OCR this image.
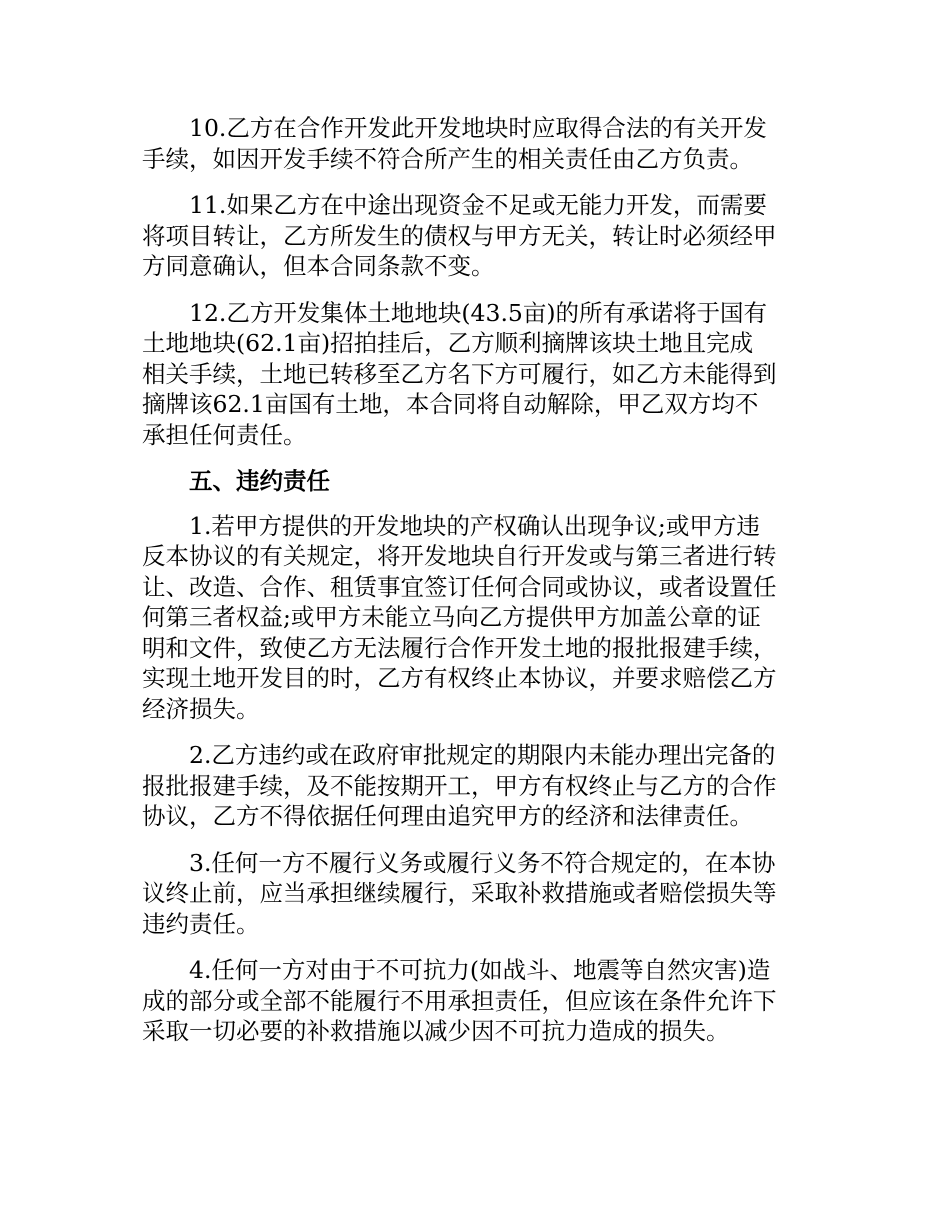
10.乙方在合作开发此开发地块时应取得合法的有关开发
手续，如因开发手续不符合所产生的相关责任由乙方负责。
11.如果乙方在中途出现资金不足或无能力开发，而需要
将项目转让，乙方所发生的债权与甲方无关，转让时必须经甲
方同意确认，但本合同条款不变。
12.乙方开发集体土地地块(43.5亩)的所有承诺将于国有
土地地块(62.1亩)招拍挂后，乙方顺利摘牌该块土地且完成
相关手续，土地已转移至乙方名下方可履行，如乙方未能得到
摘牌该62.1亩国有土地，本合同将自动解除，甲乙双方均不
承担任何责任。
五、违约责任
1.若甲方提供的开发地块的产权确认出现争议;或甲方违
反本协议的有关规定，将开发地块自行开发或与第三者进行转
让、改造、合作、租赁事宜签订任何合同或协议，或者设置任
何第三者权益;或甲方未能立马向乙方提供甲方加盖公章的证
明和文件，致使乙方无法履行合作开发土地的报批报建手续，
实现土地开发目的时，乙方有权终止本协议，并要求赔偿乙方
经济损失。
2.乙方违约或在政府审批规定的期限内未能办理出完备的
报批报建手续，及不能按期开工，甲方有权终止与乙方的合作
协议，乙方不得依据任何理由追究甲方的经济和法律责任。
3.任何一方不履行义务或履行义务不符合规定的，在本协
议终止前，应当承担继续履行，采取补救措施或者赔偿损失等
违约责任。
4.任何一方对由于不可抗力(如战斗、地震等自然灾害)造
成的部分或全部不能履行不用承担责任，但应该在条件允许下
采取一切必要的补救措施以减少因不可抗力造成的损失。
